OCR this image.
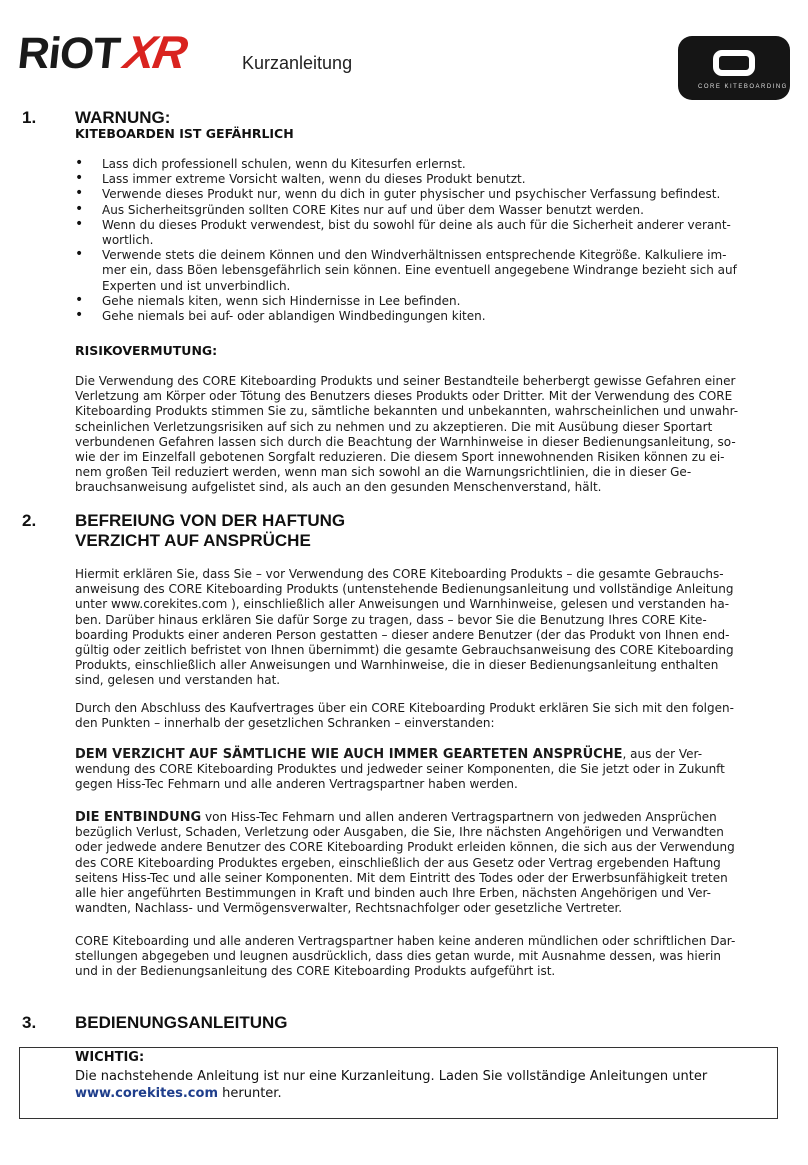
RiOT
XR	Kurzanleitung
CORE KITEBOARDING
1. WARNUNG:
KITEBOARDEN IST GEFÄHRLICH
• Lass dich professionell schulen, wenn du Kitesurfen erlernst.
• Lass immer extreme Vorsicht walten, wenn du dieses Produkt benutzt.
• Verwende dieses Produkt nur, wenn du dich in guter physischer und psychischer Verfassung befindest.
• Aus Sicherheitsgründen sollten CORE Kites nur auf und über dem Wasser benutzt werden.
• Wenn du dieses Produkt verwendest, bist du sowohl für deine als auch für die Sicherheit anderer verant-wortlich.
• Verwende stets die deinem Können und den Windverhältnissen entsprechende Kitegröße. Kalkuliere im-mer ein, dass Böen lebensgefährlich sein können. Eine eventuell angegebene Windrange bezieht sich auf Experten und ist unverbindlich.
• Gehe niemals kiten, wenn sich Hindernisse in Lee befinden.
• Gehe niemals bei auf- oder ablandigen Windbedingungen kiten.
RISIKOVERMUTUNG:

Die Verwendung des CORE Kiteboarding Produkts und seiner Bestandteile beherbergt gewisse Gefahren einer Verletzung am Körper oder Tötung des Benutzers dieses Produkts oder Dritter. Mit der Verwendung des CORE Kiteboarding Produkts stimmen Sie zu, sämtliche bekannten und unbekannten, wahrscheinlichen und unwahr-scheinlichen Verletzungsrisiken auf sich zu nehmen und zu akzeptieren. Die mit Ausübung dieser Sportart verbundenen Gefahren lassen sich durch die Beachtung der Warnhinweise in dieser Bedienungsanleitung, so-wie der im Einzelfall gebotenen Sorgfalt reduzieren. Die diesem Sport innewohnenden Risiken können zu ei-nem großen Teil reduziert werden, wenn man sich sowohl an die Warnungsrichtlinien, die in dieser Ge-brauchsanweisung aufgelistet sind, als auch an den gesunden Menschenverstand, hält.

2. BEFREIUNG VON DER HAFTUNG
VERZICHT AUF ANSPRÜCHE

Hiermit erklären Sie, dass Sie – vor Verwendung des CORE Kiteboarding Produkts – die gesamte Gebrauchs-anweisung des CORE Kiteboarding Produkts (untenstehende Bedienungsanleitung und vollständige Anleitung unter www.corekites.com ), einschließlich aller Anweisungen und Warnhinweise, gelesen und verstanden ha-ben. Darüber hinaus erklären Sie dafür Sorge zu tragen, dass – bevor Sie die Benutzung Ihres CORE Kite-boarding Produkts einer anderen Person gestatten – dieser andere Benutzer (der das Produkt von Ihnen end-gültig oder zeitlich befristet von Ihnen übernimmt) die gesamte Gebrauchsanweisung des CORE Kiteboarding Produkts, einschließlich aller Anweisungen und Warnhinweise, die in dieser Bedienungsanleitung enthalten sind, gelesen und verstanden hat.

Durch den Abschluss des Kaufvertrages über ein CORE Kiteboarding Produkt erklären Sie sich mit den folgen-den Punkten – innerhalb der gesetzlichen Schranken – einverstanden:

DEM VERZICHT AUF SÄMTLICHE WIE AUCH IMMER GEARTETEN ANSPRÜCHE, aus der Ver-wendung des CORE Kiteboarding Produktes und jedweder seiner Komponenten, die Sie jetzt oder in Zukunft gegen Hiss-Tec Fehmarn und alle anderen Vertragspartner haben werden.

DIE ENTBINDUNG von Hiss-Tec Fehmarn und allen anderen Vertragspartnern von jedweden Ansprüchen bezüglich Verlust, Schaden, Verletzung oder Ausgaben, die Sie, Ihre nächsten Angehörigen und Verwandten oder jedwede andere Benutzer des CORE Kiteboarding Produkt erleiden können, die sich aus der Verwendung des CORE Kiteboarding Produktes ergeben, einschließlich der aus Gesetz oder Vertrag ergebenden Haftung seitens Hiss-Tec und alle seiner Komponenten. Mit dem Eintritt des Todes oder der Erwerbsunfähigkeit treten alle hier angeführten Bestimmungen in Kraft und binden auch Ihre Erben, nächsten Angehörigen und Ver-wandten, Nachlass- und Vermögensverwalter, Rechtsnachfolger oder gesetzliche Vertreter.

CORE Kiteboarding und alle anderen Vertragspartner haben keine anderen mündlichen oder schriftlichen Dar-stellungen abgegeben und leugnen ausdrücklich, dass dies getan wurde, mit Ausnahme dessen, was hierin und in der Bedienungsanleitung des CORE Kiteboarding Produkts aufgeführt ist.

3. BEDIENUNGSANLEITUNG
WICHTIG:
Die nachstehende Anleitung ist nur eine Kurzanleitung. Laden Sie vollständige Anleitungen unter
www.corekites.com herunter.
